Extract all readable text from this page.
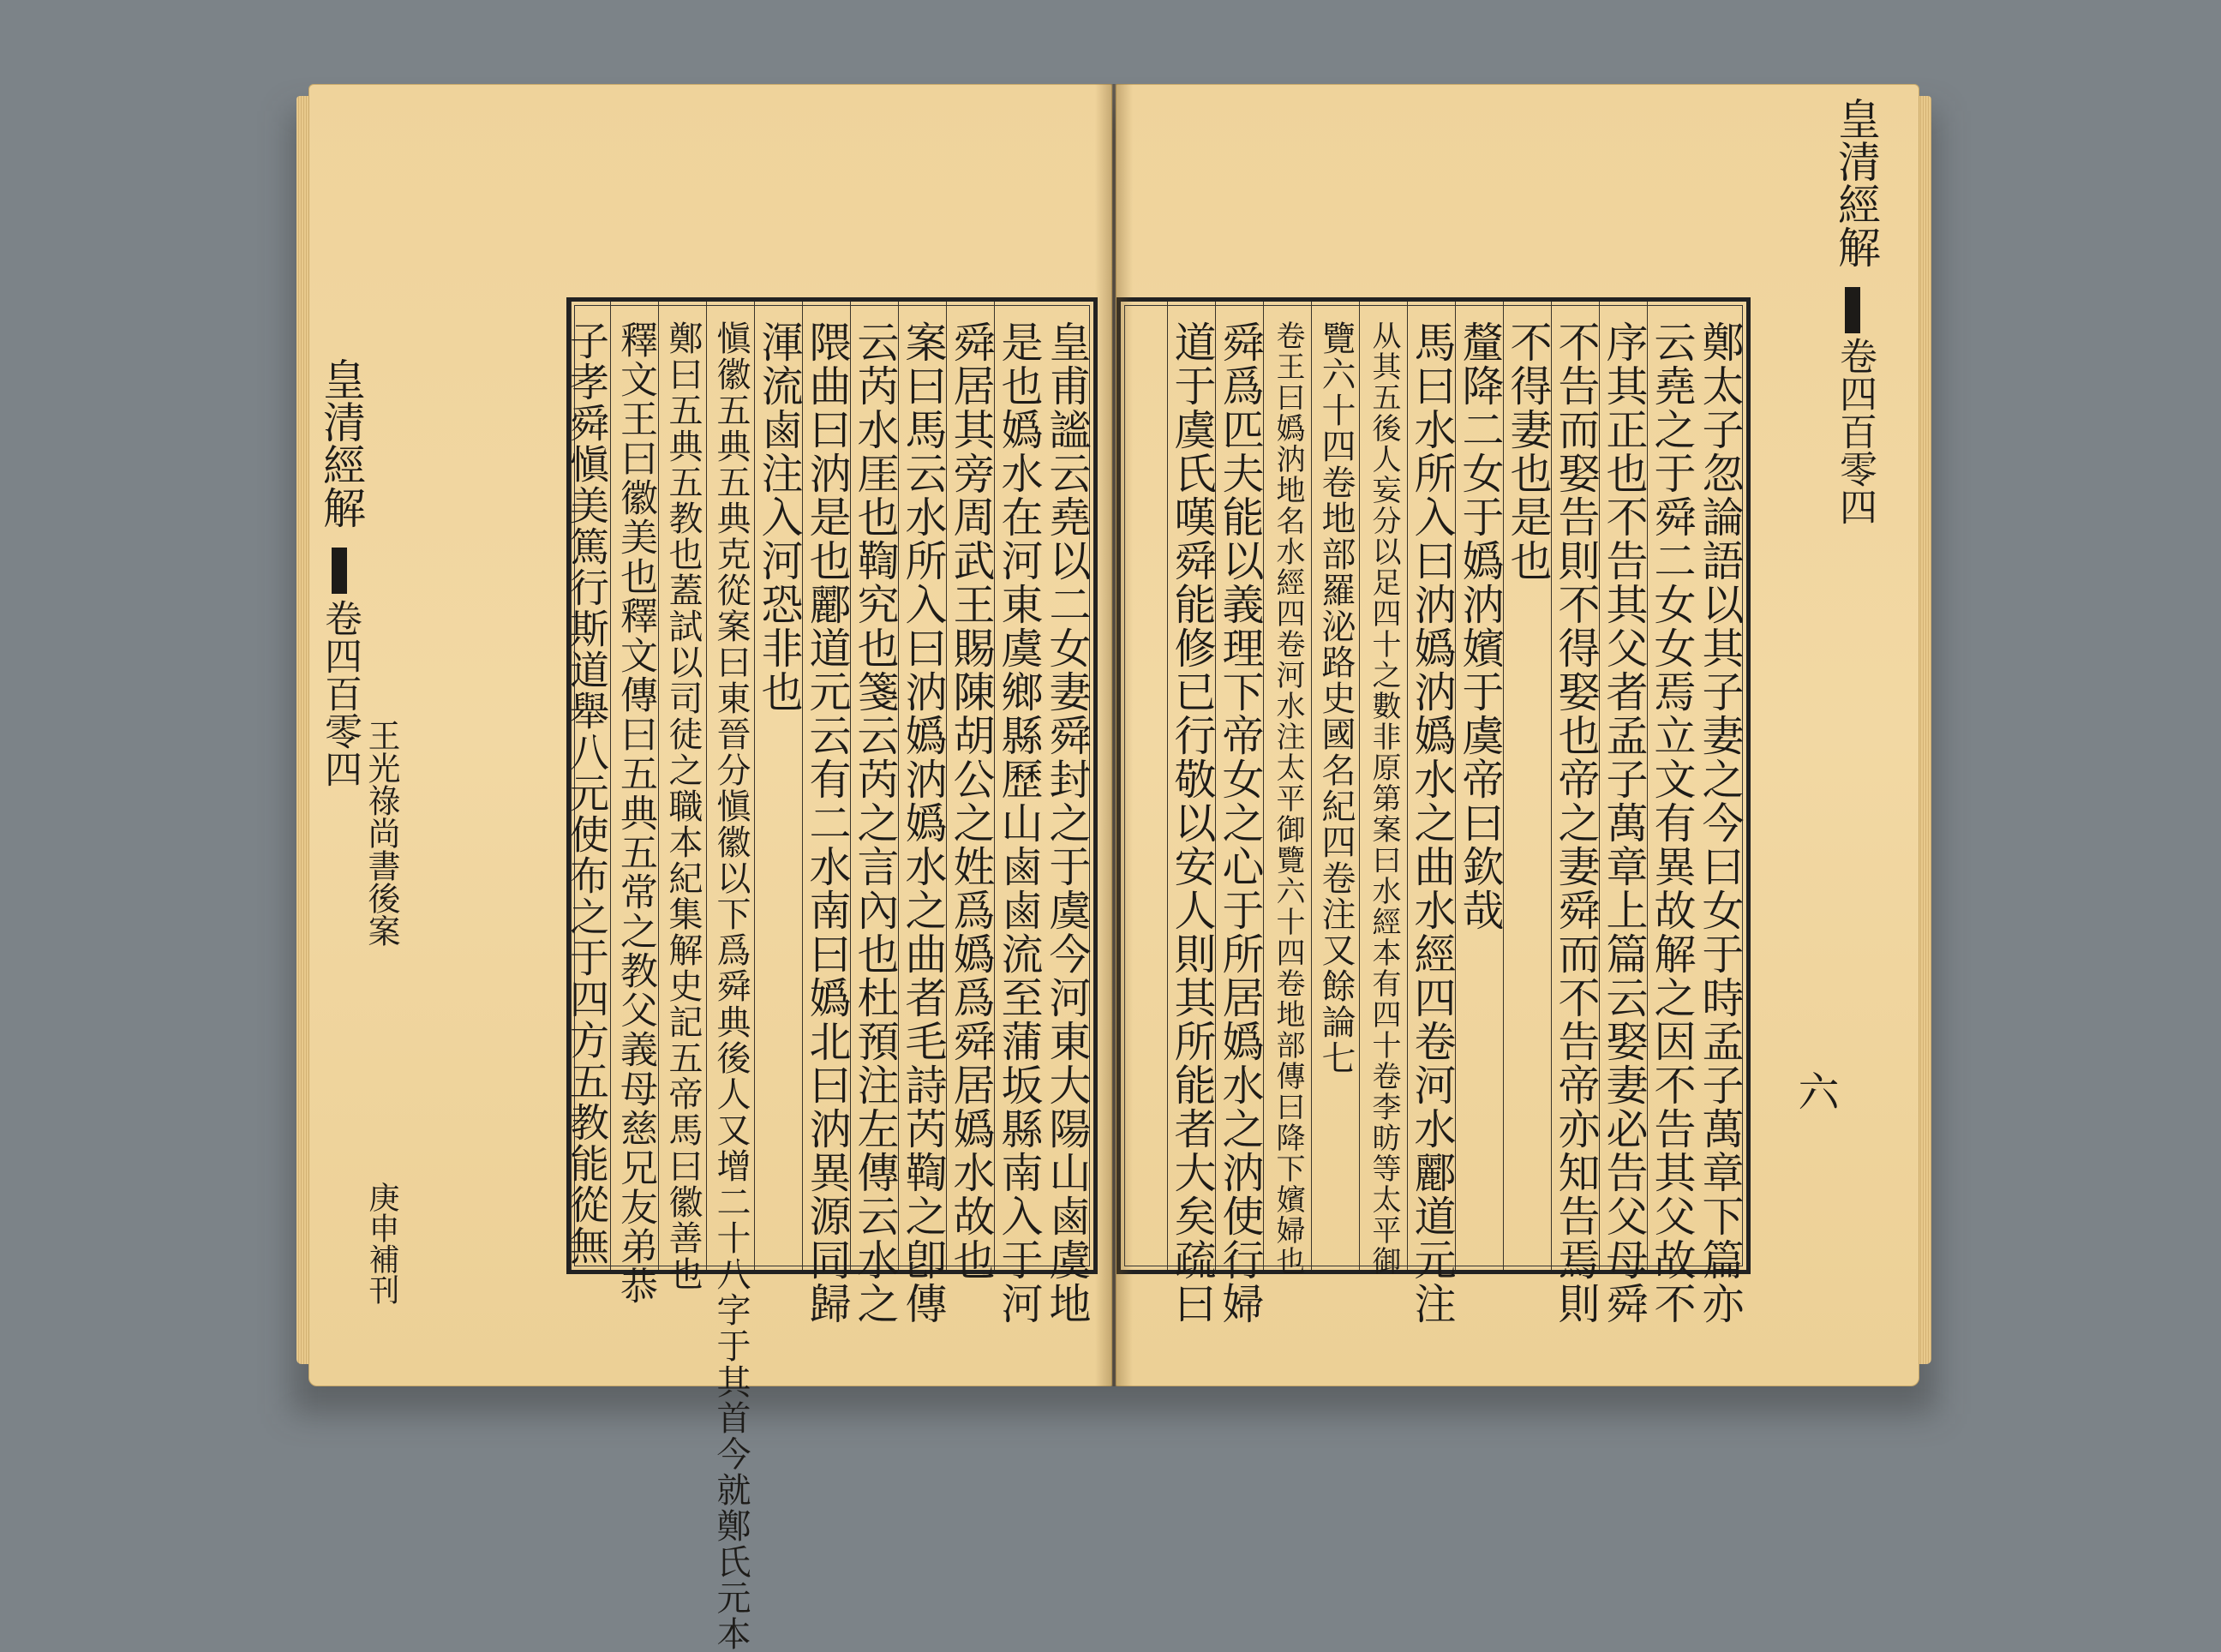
皇清經解
卷四百零四
王光祿尚書後案
庚申補刊	皇甫謐云堯以二女妻舜封之于虞今河東大陽山鹵虞地
是也嬀水在河東虞鄉縣歷山鹵鹵流至蒲坂縣南入于河
舜居其旁周武王賜陳胡公之姓爲嬀爲舜居嬀水故也
案曰馬云水所入曰汭嬀汭嬀水之曲者毛詩芮鞫之卽傳
云芮水厓也鞫究也箋云芮之言內也杜預注左傳云水之
隈曲曰汭是也酈道元云有二水南曰嬀北曰汭異源同歸
渾流鹵注入河恐非也
愼徽五典五典克從案曰東晉分愼徽以下爲舜典後人又增二十八字于其首今就鄭氏元本
鄭曰五典五教也蓋試以司徒之職本紀集解史記五帝馬曰徽善也
釋文王曰徽美也釋文傳曰五典五常之教父義母慈兄友弟恭
子孝舜愼美篤行斯道舉八元使布之于四方五教能從無	鄭太子忽論語以其子妻之今曰女于時孟子萬章下篇亦
云堯之于舜二女女焉立文有異故解之因不告其父故不
序其正也不告其父者孟子萬章上篇云娶妻必告父母舜
不告而娶告則不得娶也帝之妻舜而不告帝亦知告焉則
不得妻也是也
釐降二女于嬀汭嬪于虞帝曰欽哉
馬曰水所入曰汭嬀汭嬀水之曲水經四卷河水酈道元注
从其五後人妄分以足四十之數非原第案曰水經本有四十卷李昉等太平御
覽六十四卷地部羅泌路史國名紀四卷注又餘論七
卷王曰嬀汭地名水經四卷河水注太平御覽六十四卷地部傳曰降下嬪婦也
舜爲匹夫能以義理下帝女之心于所居嬀水之汭使行婦
道于虞氏嘆舜能修已行敬以安人則其所能者大矣疏曰
皇清經解
卷四百零四
六
